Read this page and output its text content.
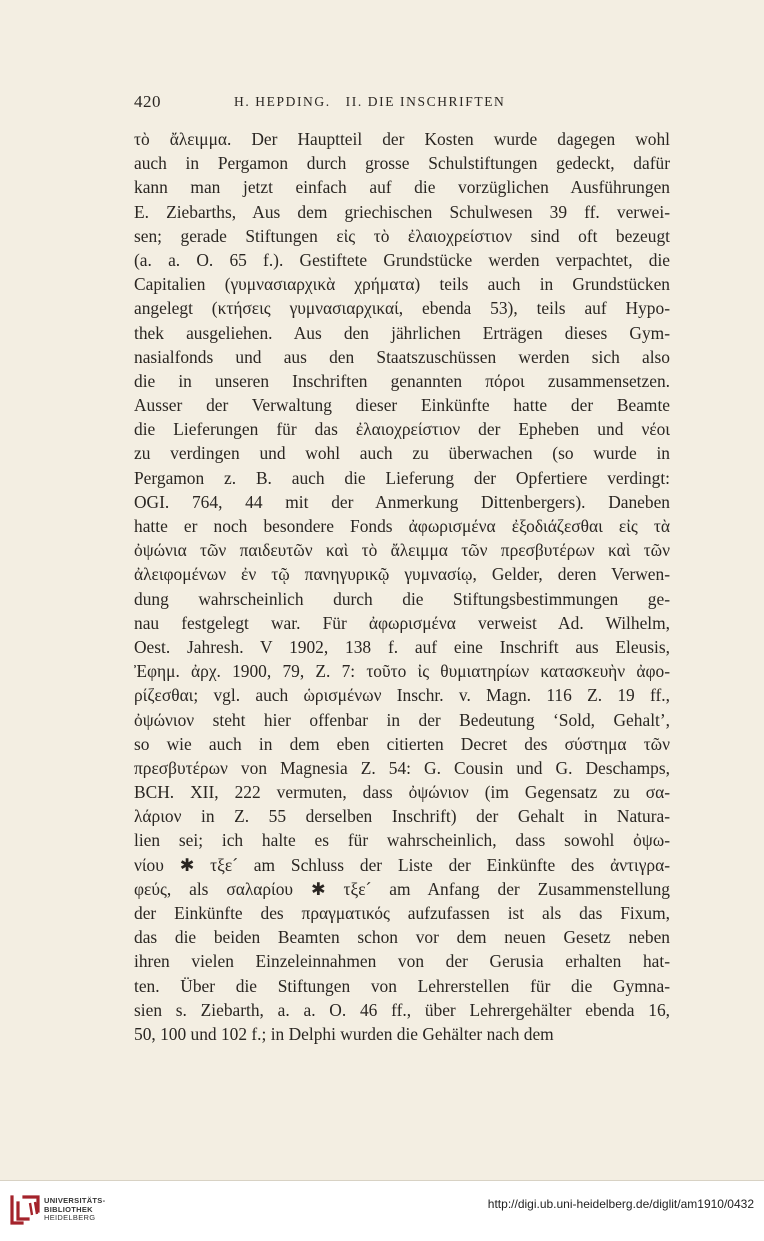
420	H. HEPDING.   II. DIE INSCHRIFTEN
τὸ ἄλειμμα. Der Hauptteil der Kosten wurde dagegen wohl
auch in Pergamon durch grosse Schulstiftungen gedeckt, dafür
kann man jetzt einfach auf die vorzüglichen Ausführungen
E. Ziebarths, Aus dem griechischen Schulwesen 39 ff. verwei-
sen; gerade Stiftungen εἰς τὸ ἐλαιοχρείστιον sind oft bezeugt
(a. a. O. 65 f.). Gestiftete Grundstücke werden verpachtet, die
Capitalien (γυμνασιαρχικὰ χρήματα) teils auch in Grundstücken
angelegt (κτήσεις γυμνασιαρχικαί, ebenda 53), teils auf Hypo-
thek ausgeliehen. Aus den jährlichen Erträgen dieses Gym-
nasialfonds und aus den Staatszuschüssen werden sich also
die in unseren Inschriften genannten πόροι zusammensetzen.
Ausser der Verwaltung dieser Einkünfte hatte der Beamte
die Lieferungen für das ἐλαιοχρείστιον der Epheben und νέοι
zu verdingen und wohl auch zu überwachen (so wurde in
Pergamon z. B. auch die Lieferung der Opfertiere verdingt:
OGI. 764, 44 mit der Anmerkung Dittenbergers). Daneben
hatte er noch besondere Fonds ἀφωρισμένα ἐξοδιάζεσθαι εἰς τὰ
ὀψώνια τῶν παιδευτῶν καὶ τὸ ἄλειμμα τῶν πρεσβυτέρων καὶ τῶν
ἀλειφομένων ἐν τῷ πανηγυρικῷ γυμνασίῳ, Gelder, deren Verwen-
dung wahrscheinlich durch die Stiftungsbestimmungen ge-
nau festgelegt war. Für ἀφωρισμένα verweist Ad. Wilhelm,
Oest. Jahresh. V 1902, 138 f. auf eine Inschrift aus Eleusis,
Ἐφημ. ἀρχ. 1900, 79, Z. 7: τοῦτο ἰς θυμιατηρίων κατασκευὴν ἀφο-
ρίζεσθαι; vgl. auch ὡρισμένων Inschr. v. Magn. 116 Z. 19 ff.,
ὀψώνιον steht hier offenbar in der Bedeutung ‘Sold, Gehalt’,
so wie auch in dem eben citierten Decret des σύστημα τῶν
πρεσβυτέρων von Magnesia Z. 54: G. Cousin und G. Deschamps,
BCH. XII, 222 vermuten, dass ὀψώνιον (im Gegensatz zu σα-
λάριον in Z. 55 derselben Inschrift) der Gehalt in Natura-
lien sei; ich halte es für wahrscheinlich, dass sowohl ὀψω-
νίου ✱ τξε´ am Schluss der Liste der Einkünfte des ἀντιγρα-
φεύς, als σαλαρίου ✱ τξε´ am Anfang der Zusammenstellung
der Einkünfte des πραγματικός aufzufassen ist als das Fixum,
das die beiden Beamten schon vor dem neuen Gesetz neben
ihren vielen Einzeleinnahmen von der Gerusia erhalten hat-
ten. Über die Stiftungen von Lehrerstellen für die Gymna-
sien s. Ziebarth, a. a. O. 46 ff., über Lehrergehälter ebenda 16,
50, 100 und 102 f.; in Delphi wurden die Gehälter nach dem
UNIVERSITÄTS-
BIBLIOTHEK
HEIDELBERG
http://digi.ub.uni-heidelberg.de/diglit/am1910/0432
